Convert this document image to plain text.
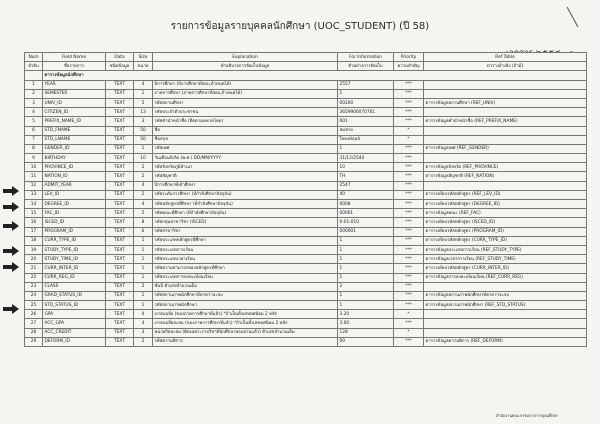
รายการข้อมูลรายบุคคลนักศึกษา (UOC_STUDENT) (ปี 58)
Num	Field Name	Data	Size	Explanation	For Information	Priority	Ref Table
ลำดับ	ชื่อรายการ	ชนิดข้อมูล	ขนาด	คำอธิบายการจัดเก็บข้อมูล	ตัวอย่างการจัดเก็บ	ความสำคัญ	ตารางอ้างอิง (ถ้ามี)
	ตารางข้อมูลนักศึกษา						
1	YEAR	TEXT	4	ปีการศึกษา (ปีการศึกษาที่สอบ,ถ้าทนคได้)	2557	***	
2	SEMESTER	TEXT	1	ภาคการศึกษา (ภาคการศึกษาที่สอบ,ถ้าทนคได้)	1	***	
3	UNIV_ID	TEXT	5	รหัสสถานศึกษา	00200	***	ตารางข้อมูลสถานศึกษา (REF_UNIV)
4	CITIZEN_ID	TEXT	13	รหัสประจำตัวประชาชน	3659900070761	***	
5	PREFIX_NAME_ID	TEXT	3	รหัสคำนำหน้าชื่อ (ยึดตามมหาดไทย)	001	***	ตารางข้อมูลคำนำหน้าชื่อ (REF_PREFIX_NAME)
6	STD_FNAME	TEXT	50	ชื่อ	สมชาย	*	
7	STD_LNAME	TEXT	50	ชื่อสกุล	ใจหงษ์กุมย์	*	
8	GENDER_ID	TEXT	1	รหัสเพศ	1	***	ตารางข้อมูลเพศ (REF_GENDER)
9	BIRTHDAY	TEXT	10	วันเดือนปีเกิด (พ.ศ.) DD/MM/YYYY	31/12/2540	***	
10	PROVINCE_ID	TEXT	2	รหัสจังหวัดภูมิลำเนา	10	***	ตารางข้อมูลจังหวัด (REF_PROVINCE)
11	NATION_ID	TEXT	2	รหัสสัญชาติ	TH	***	ตารางข้อมูลสัญชาติ (REF_NATION)
12	ADMIT_YEAR	TEXT	4	ปีการศึกษาที่เข้าศึกษา	2547	***	
13	LEV_ID	TEXT	2	รหัสระดับการศึกษา (ที่กำลังศึกษาปัจจุบัน)	40	***	ตารางเทียบรหัสหลักสูตร (REF_LEV_ID)
14	DEGREE_ID	TEXT	4	รหัสหลักสูตรที่ศึกษา (ที่กำลังศึกษาปัจจุบัน)	0008	***	ตารางเทียบรหัสหลักสูตร (DEGREE_ID)
15	FAC_ID	TEXT	5	รหัสคณะที่ศึกษา (ที่กำลังศึกษาปัจจุบัน)	00001	***	ตารางข้อมูลคณะ (REF_FAC)
16	ISCED_ID	TEXT	8	รหัสกลุ่มสาขาวิชา (ISCED)	0-01-010	***	ตารางเทียบรหัสหลักสูตร (ISCED_ID)
17	PROGRAM_ID	TEXT	6	รหัสสาขาวิชา	000001	***	ตารางเทียบรหัสหลักสูตร (PROGRAM_ID)
18	CURR_TYPE_ID	TEXT	1	รหัสประเภทหลักสูตรที่ศึกษา	1	***	ตารางเทียบรหัสหลักสูตร (CURR_TYPE_ID)
19	STUDY_TYPE_ID	TEXT	1	รหัสประเภทการเรียน	1	***	ตารางข้อมูลประเภทการเรียน (REF_STUDY_TYPE)
20	STUDY_TIME_ID	TEXT	1	รหัสประเภทเวลาเรียน	1	***	ตารางข้อมูลเวลาการเรียน (REF_STUDY_TIME)
21	CURR_INTER_ID	TEXT	1	รหัสความสามารถของหลักสูตรที่ศึกษา	1	***	ตารางเทียบรหัสหลักสูตร (CURR_INTER_ID)
22	CURR_REG_ID	TEXT	1	รหัสประเภทการลงทะเบียนเรียน	1	***	ตารางข้อมูลการลงทะเบียนเรียน (REF_CURR_REG)
23	CLASS	TEXT	2	ชั้นปี ตัวเลขจำนวนเต็ม	2	***	
24	GRAD_STATUS_ID	TEXT	1	รหัสสถานภาพนักศึกษาที่คาดว่าจะจบ	1	***	ตารางข้อมูลสถานภาพนักศึกษาที่คาดว่าจะจบ
25	STD_STATUS_ID	TEXT	1	รหัสสถานภาพนักศึกษา	1	***	ตารางข้อมูลสถานภาพนักศึกษา (REF_STD_STATUS)
26	GPA	TEXT	4	เกรดเฉลี่ย (ของภาคการศึกษาที่แล้ว) *ถ้าเป็นทั้งเลขทศนิยม 2 หลัก	3.20	*	
27	ACC_GPA	TEXT	4	เกรดเฉลี่ยสะสม (ของภาคการศึกษาที่แล้ว) *ถ้าเป็นทั้งเลขทศนิยม 2 หลัก	3.00	***	
28	ACC_CREDIT	TEXT	3	หน่วยกิตสะสม (คิดเฉพาะรายวิชาที่นักศึกษาสอบผ่านแล้ว) ตัวเลขจำนวนเต็ม	128	*	
29	DEFORM_ID	TEXT	2	รหัสความพิการ	00	***	ตารางข้อมูลความพิการ (REF_DEFORM)
สำนักงานคณะกรรมการการอุดมศึกษา
